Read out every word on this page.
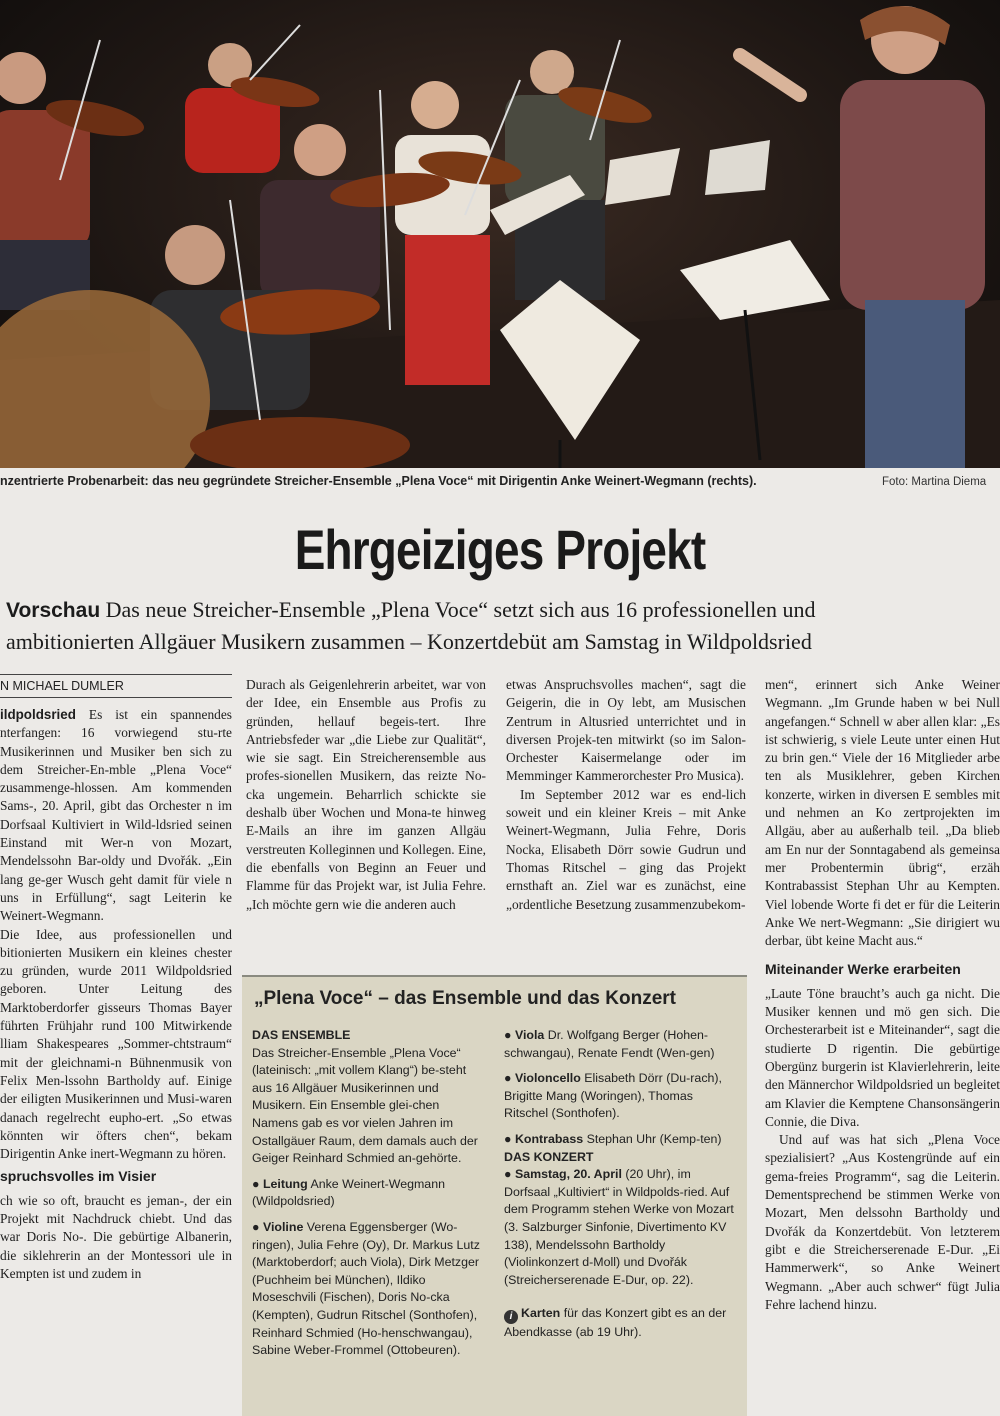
nzentrierte Probenarbeit: das neu gegründete Streicher-Ensemble „Plena Voce“ mit Dirigentin Anke Weinert-Wegmann (rechts).	Foto: Martina Diema
Ehrgeiziges Projekt
Vorschau Das neue Streicher-Ensemble „Plena Voce“ setzt sich aus 16 professionellen und
ambitionierten Allgäuer Musikern zusammen – Konzertdebüt am Samstag in Wildpoldsried
N MICHAEL DUMLER

ildpoldsried Es ist ein spannendes nterfangen: 16 vorwiegend stu-rte Musikerinnen und Musiker ben sich zu dem Streicher-En-mble „Plena Voce“ zusammenge-hlossen. Am kommenden Sams-, 20. April, gibt das Orchester n im Dorfsaal Kultiviert in Wild-ldsried seinen Einstand mit Wer-n von Mozart, Mendelssohn Bar-oldy und Dvořák. „Ein lang ge-ger Wusch geht damit für viele n uns in Erfüllung“, sagt Leiterin ke Weinert-Wegmann.

Die Idee, aus professionellen und bitionierten Musikern ein kleines chester zu gründen, wurde 2011 Wildpoldsried geboren. Unter Leitung des Marktoberdorfer gisseurs Thomas Bayer führten Frühjahr rund 100 Mitwirkende lliam Shakespeares „Sommer-chtstraum“ mit der gleichnami-n Bühnenmusik von Felix Men-lssohn Bartholdy auf. Einige der eiligten Musikerinnen und Musi-waren danach regelrecht eupho-ert. „So etwas könnten wir öfters chen“, bekam Dirigentin Anke inert-Wegmann zu hören.

spruchsvolles im Visier

ch wie so oft, braucht es jeman-, der ein Projekt mit Nachdruck chiebt. Und das war Doris No-. Die gebürtige Albanerin, die siklehrerin an der Montessori ule in Kempten ist und zudem in

Durach als Geigenlehrerin arbeitet, war von der Idee, ein Ensemble aus Profis zu gründen, hellauf begeis-tert. Ihre Antriebsfeder war „die Liebe zur Qualität“, wie sie sagt. Ein Streicherensemble aus profes-sionellen Musikern, das reizte No-cka ungemein. Beharrlich schickte sie deshalb über Wochen und Mona-te hinweg E-Mails an ihre im ganzen Allgäu verstreuten Kolleginnen und Kollegen. Eine, die ebenfalls von Beginn an Feuer und Flamme für das Projekt war, ist Julia Fehre. „Ich möchte gern wie die anderen auch

etwas Anspruchsvolles machen“, sagt die Geigerin, die in Oy lebt, am Musischen Zentrum in Altusried unterrichtet und in diversen Projek-ten mitwirkt (so im Salon-Orchester Kaisermelange oder im Memminger Kammerorchester Pro Musica).

Im September 2012 war es end-lich soweit und ein kleiner Kreis – mit Anke Weinert-Wegmann, Julia Fehre, Doris Nocka, Elisabeth Dörr sowie Gudrun und Thomas Ritschel – ging das Projekt ernsthaft an. Ziel war es zunächst, eine „ordentliche Besetzung zusammenzubekom-

men“, erinnert sich Anke Weiner Wegmann. „Im Grunde haben w bei Null angefangen.“ Schnell w aber allen klar: „Es ist schwierig, s viele Leute unter einen Hut zu brin gen.“ Viele der 16 Mitglieder arbe ten als Musiklehrer, geben Kirchen konzerte, wirken in diversen E sembles mit und nehmen an Ko zertprojekten im Allgäu, aber au außerhalb teil. „Da blieb am En nur der Sonntagabend als gemeinsa mer Probentermin übrig“, erzäh Kontrabassist Stephan Uhr au Kempten. Viel lobende Worte fi det er für die Leiterin Anke We nert-Wegmann: „Sie dirigiert wu derbar, übt keine Macht aus.“

Miteinander Werke erarbeiten

„Laute Töne braucht’s auch ga nicht. Die Musiker kennen und mö gen sich. Die Orchesterarbeit ist e Miteinander“, sagt die studierte D rigentin. Die gebürtige Obergünz burgerin ist Klavierlehrerin, leite den Männerchor Wildpoldsried un begleitet am Klavier die Kemptene Chansonsängerin Connie, die Diva.

Und auf was hat sich „Plena Voce spezialisiert? „Aus Kostengründe auf ein gema-freies Programm“, sag die Leiterin. Dementsprechend be stimmen Werke von Mozart, Men delssohn Bartholdy und Dvořák da Konzertdebüt. Von letzterem gibt e die Streicherserenade E-Dur. „Ei Hammerwerk“, so Anke Weinert Wegmann. „Aber auch schwer“ fügt Julia Fehre lachend hinzu.

„Plena Voce“ – das Ensemble und das Konzert
DAS ENSEMBLE
Das Streicher-Ensemble „Plena Voce“ (lateinisch: „mit vollem Klang“) be-steht aus 16 Allgäuer Musikerinnen und Musikern. Ein Ensemble glei-chen Namens gab es vor vielen Jahren im Ostallgäuer Raum, dem damals auch der Geiger Reinhard Schmied an-gehörte.
● Leitung Anke Weinert-Wegmann (Wildpoldsried)
● Violine Verena Eggensberger (Wo-ringen), Julia Fehre (Oy), Dr. Markus Lutz (Marktoberdorf; auch Viola), Dirk Metzger (Puchheim bei München), Ildiko Moseschvili (Fischen), Doris No-cka (Kempten), Gudrun Ritschel (Sonthofen), Reinhard Schmied (Ho-henschwangau), Sabine Weber-Frommel (Ottobeuren).
● Viola Dr. Wolfgang Berger (Hohen-schwangau), Renate Fendt (Wen-gen)
● Violoncello Elisabeth Dörr (Du-rach), Brigitte Mang (Woringen), Thomas Ritschel (Sonthofen).
● Kontrabass Stephan Uhr (Kemp-ten)
DAS KONZERT
● Samstag, 20. April (20 Uhr), im Dorfsaal „Kultiviert“ in Wildpolds-ried. Auf dem Programm stehen Werke von Mozart (3. Salzburger Sinfonie, Divertimento KV 138), Mendelssohn Bartholdy (Violinkonzert d-Moll) und Dvořák (Streicherserenade E-Dur, op. 22).
i Karten für das Konzert gibt es an der Abendkasse (ab 19 Uhr).
